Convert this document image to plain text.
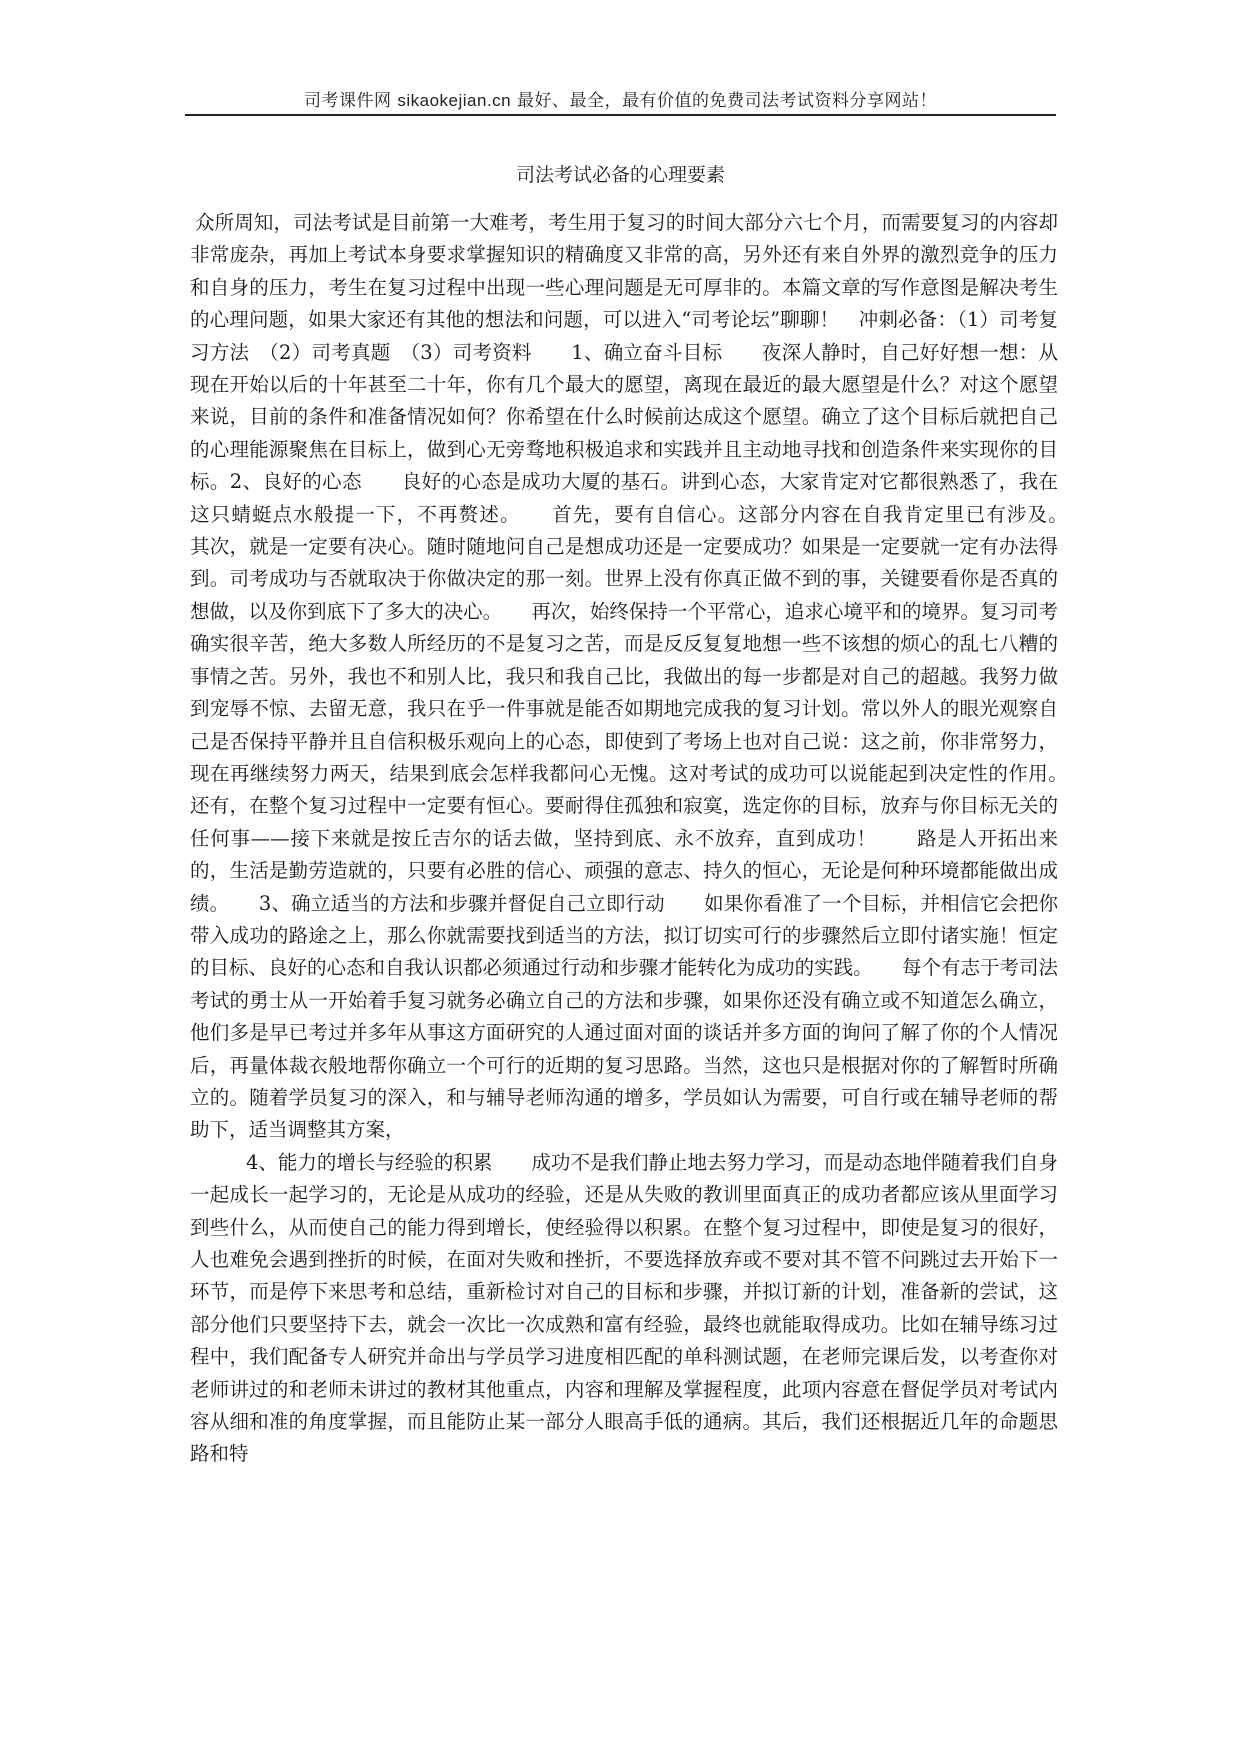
司考课件网 sikaokejian.cn 最好、最全，最有价值的免费司法考试资料分享网站！
司法考试必备的心理要素

众所周知，司法考试是目前第一大难考，考生用于复习的时间大部分六七个月，而需要复习的内容却非常庞杂，再加上考试本身要求掌握知识的精确度又非常的高，另外还有来自外界的激烈竞争的压力和自身的压力，考生在复习过程中出现一些心理问题是无可厚非的。本篇文章的写作意图是解决考生的心理问题，如果大家还有其他的想法和问题，可以进入“司考论坛”聊聊！　冲刺必备：（1）司考复习方法　（2）司考真题　（3）司考资料　　1、确立奋斗目标　　夜深人静时，自己好好想一想：从现在开始以后的十年甚至二十年，你有几个最大的愿望，离现在最近的最大愿望是什么？对这个愿望来说，目前的条件和准备情况如何？你希望在什么时候前达成这个愿望。确立了这个目标后就把自己的心理能源聚焦在目标上，做到心无旁骛地积极追求和实践并且主动地寻找和创造条件来实现你的目标。2、良好的心态　　良好的心态是成功大厦的基石。讲到心态，大家肯定对它都很熟悉了，我在这只蜻蜓点水般提一下，不再赘述。　　首先，要有自信心。这部分内容在自我肯定里已有涉及。　　其次，就是一定要有决心。随时随地问自己是想成功还是一定要成功？如果是一定要就一定有办法得到。司考成功与否就取决于你做决定的那一刻。世界上没有你真正做不到的事，关键要看你是否真的想做，以及你到底下了多大的决心。　　再次，始终保持一个平常心，追求心境平和的境界。复习司考确实很辛苦，绝大多数人所经历的不是复习之苦，而是反反复复地想一些不该想的烦心的乱七八糟的事情之苦。另外，我也不和别人比，我只和我自己比，我做出的每一步都是对自己的超越。我努力做到宠辱不惊、去留无意，我只在乎一件事就是能否如期地完成我的复习计划。常以外人的眼光观察自己是否保持平静并且自信积极乐观向上的心态，即使到了考场上也对自己说：这之前，你非常努力，现在再继续努力两天，结果到底会怎样我都问心无愧。这对考试的成功可以说能起到决定性的作用。　　还有，在整个复习过程中一定要有恒心。要耐得住孤独和寂寞，选定你的目标，放弃与你目标无关的任何事——接下来就是按丘吉尔的话去做，坚持到底、永不放弃，直到成功！　　路是人开拓出来的，生活是勤劳造就的，只要有必胜的信心、顽强的意志、持久的恒心，无论是何种环境都能做出成绩。　　3、确立适当的方法和步骤并督促自己立即行动　　如果你看准了一个目标，并相信它会把你带入成功的路途之上，那么你就需要找到适当的方法，拟订切实可行的步骤然后立即付诸实施！恒定的目标、良好的心态和自我认识都必须通过行动和步骤才能转化为成功的实践。　　每个有志于考司法考试的勇士从一开始着手复习就务必确立自己的方法和步骤，如果你还没有确立或不知道怎么确立，他们多是早已考过并多年从事这方面研究的人通过面对面的谈话并多方面的询问了解了你的个人情况后，再量体裁衣般地帮你确立一个可行的近期的复习思路。当然，这也只是根据对你的了解暂时所确立的。随着学员复习的深入，和与辅导老师沟通的增多，学员如认为需要，可自行或在辅导老师的帮助下，适当调整其方案，

4、能力的增长与经验的积累　　成功不是我们静止地去努力学习，而是动态地伴随着我们自身一起成长一起学习的，无论是从成功的经验，还是从失败的教训里面真正的成功者都应该从里面学习到些什么，从而使自己的能力得到增长，使经验得以积累。在整个复习过程中，即使是复习的很好，人也难免会遇到挫折的时候，在面对失败和挫折，不要选择放弃或不要对其不管不问跳过去开始下一环节，而是停下来思考和总结，重新检讨对自己的目标和步骤，并拟订新的计划，准备新的尝试，这部分他们只要坚持下去，就会一次比一次成熟和富有经验，最终也就能取得成功。比如在辅导练习过程中，我们配备专人研究并命出与学员学习进度相匹配的单科测试题，在老师完课后发，以考查你对老师讲过的和老师未讲过的教材其他重点，内容和理解及掌握程度，此项内容意在督促学员对考试内容从细和准的角度掌握，而且能防止某一部分人眼高手低的通病。其后，我们还根据近几年的命题思路和特
